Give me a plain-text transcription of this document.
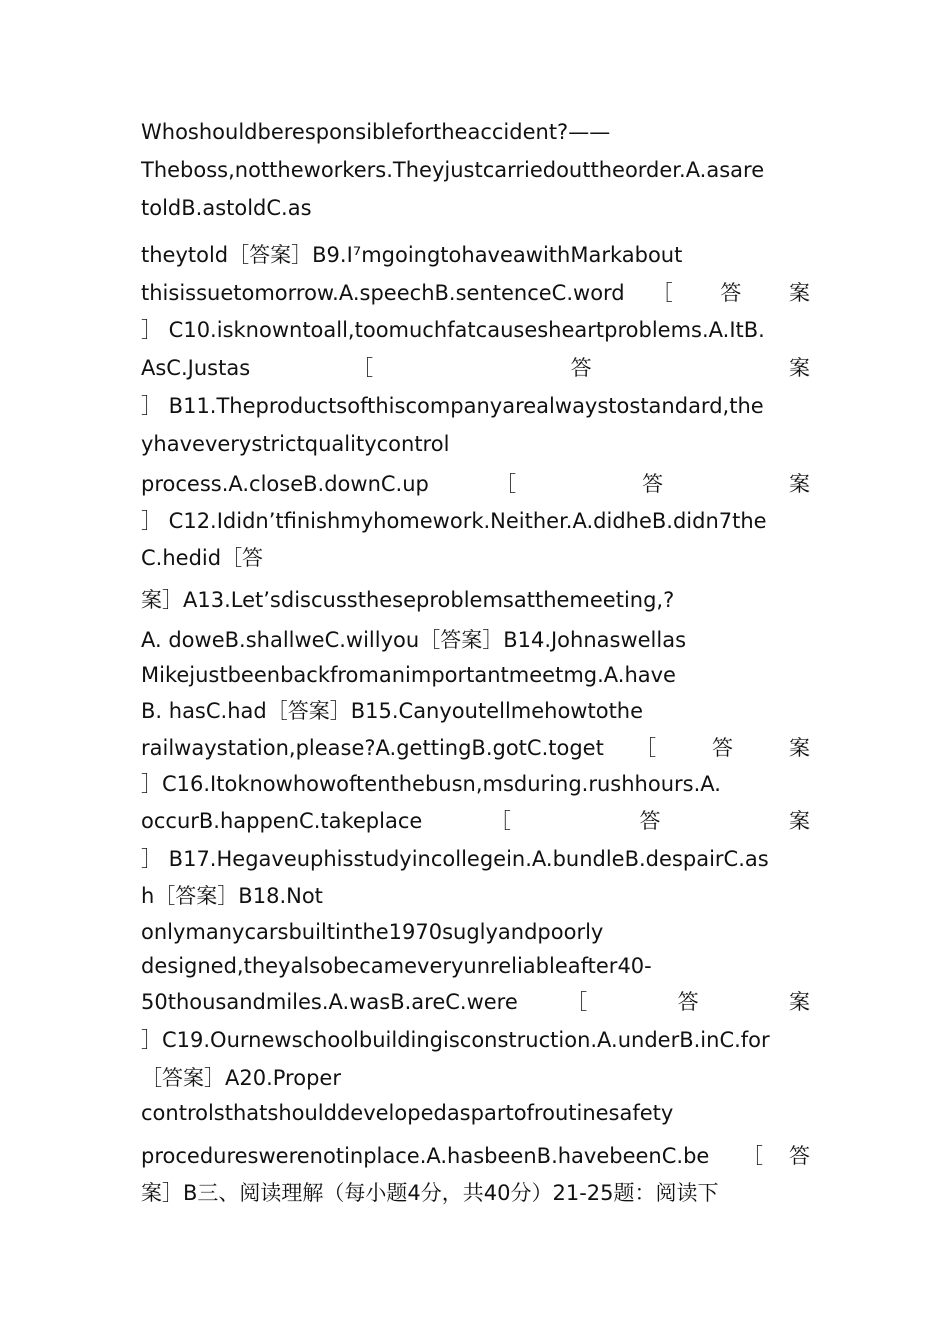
Whoshouldberesponsiblefortheaccident?——
Theboss,nottheworkers.Theyjustcarriedouttheorder.A.asare
toldB.astoldC.as
theytold［答案］B9.I⁷mgoingtohaveawithMarkabout
thisissuetomorrow.A.speechB.sentenceC.word ［ 答 案
］ C10.isknowntoall,toomuchfatcausesheartproblems.A.ItB.
AsC.Justas ［ 答 案
］ B11.Theproductsofthiscompanyarealwaystostandard,the
yhaveverystrictqualitycontrol
process.A.closeB.downC.up ［ 答 案
］ C12.Ididn’tfinishmyhomework.Neither.A.didheB.didn7the
C.hedid［答
案］A13.Let’sdiscusstheseproblemsatthemeeting,?
A. doweB.shallweC.willyou［答案］B14.Johnaswellas
Mikejustbeenbackfromanimportantmeetmg.A.have
B. hasC.had［答案］B15.Canyoutellmehowtothe
railwaystation,please?A.gettingB.gotC.toget ［ 答 案
］C16.Itoknowhowoftenthebusn,msduring.rushhours.A.
occurB.happenC.takeplace ［ 答 案
］ B17.Hegaveuphisstudyincollegein.A.bundleB.despairC.as
h［答案］B18.Not
onlymanycarsbuiltinthe1970suglyandpoorly
designed,theyalsobecameveryunreliableafter40-
50thousandmiles.A.wasB.areC.were ［ 答 案
］C19.Ournewschoolbuildingisconstruction.A.underB.inC.for
［答案］A20.Proper
controlsthatshoulddevelopedaspartofroutinesafety
procedureswerenotinplace.A.hasbeenB.havebeenC.be ［答
案］B三、阅读理解（每小题4分，共40分）21-25题：阅读下
